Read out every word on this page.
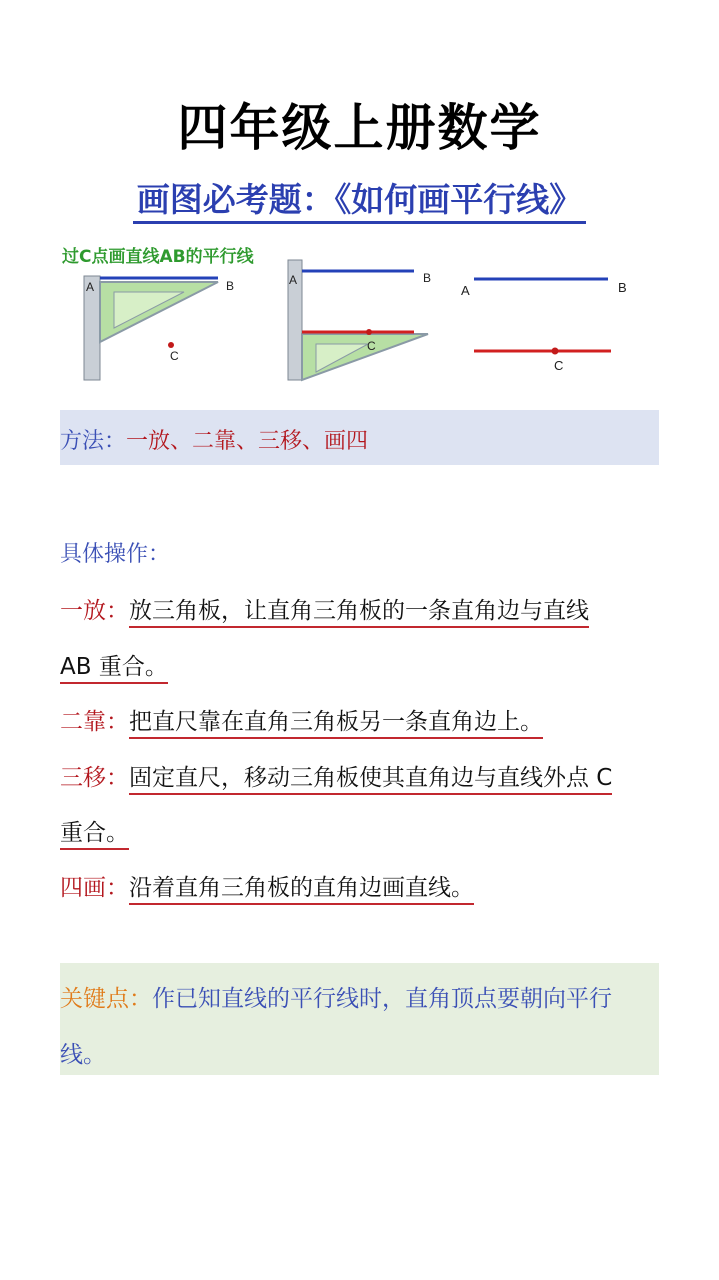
四年级上册数学
画图必考题：《如何画平行线》
A	B
C
A	B
C
A	B
C
过C点画直线AB的平行线
方法：一放、二靠、三移、画四
具体操作：
一放：放三角板，让直角三角板的一条直角边与直线
AB 重合。
二靠：把直尺靠在直角三角板另一条直角边上。
三移：固定直尺，移动三角板使其直角边与直线外点 C
重合。
四画：沿着直角三角板的直角边画直线。
关键点：作已知直线的平行线时，直角顶点要朝向平行
线。
